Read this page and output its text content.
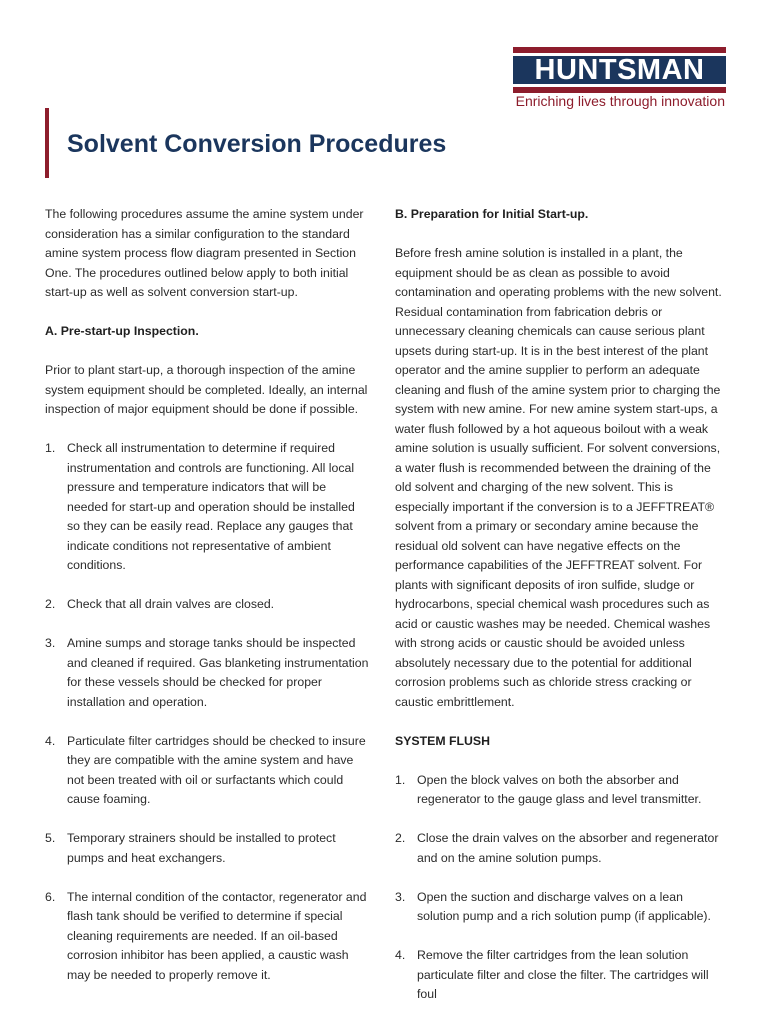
HUNTSMAN
Enriching lives through innovation
Solvent Conversion Procedures

The following procedures assume the amine system under consideration has a similar configuration to the standard amine system process flow diagram presented in Section One. The procedures outlined below apply to both initial start-up as well as solvent conversion start-up.

A. Pre-start-up Inspection.

Prior to plant start-up, a thorough inspection of the amine system equipment should be completed. Ideally, an internal inspection of major equipment should be done if possible.

1. Check all instrumentation to determine if required instrumentation and controls are functioning. All local pressure and temperature indicators that will be needed for start-up and operation should be installed so they can be easily read. Replace any gauges that indicate conditions not representative of ambient conditions.
2. Check that all drain valves are closed.
3. Amine sumps and storage tanks should be inspected and cleaned if required. Gas blanketing instrumentation for these vessels should be checked for proper installation and operation.
4. Particulate filter cartridges should be checked to insure they are compatible with the amine system and have not been treated with oil or surfactants which could cause foaming.
5. Temporary strainers should be installed to protect pumps and heat exchangers.
6. The internal condition of the contactor, regenerator and flash tank should be verified to determine if special cleaning requirements are needed. If an oil-based corrosion inhibitor has been applied, a caustic wash may be needed to properly remove it.
B. Preparation for Initial Start-up.

Before fresh amine solution is installed in a plant, the equipment should be as clean as possible to avoid contamination and operating problems with the new solvent. Residual contamination from fabrication debris or unnecessary cleaning chemicals can cause serious plant upsets during start-up. It is in the best interest of the plant operator and the amine supplier to perform an adequate cleaning and flush of the amine system prior to charging the system with new amine. For new amine system start-ups, a water flush followed by a hot aqueous boilout with a weak amine solution is usually sufficient. For solvent conversions, a water flush is recommended between the draining of the old solvent and charging of the new solvent. This is especially important if the conversion is to a JEFFTREAT® solvent from a primary or secondary amine because the residual old solvent can have negative effects on the performance capabilities of the JEFFTREAT solvent. For plants with significant deposits of iron sulfide, sludge or hydrocarbons, special chemical wash procedures such as acid or caustic washes may be needed. Chemical washes with strong acids or caustic should be avoided unless absolutely necessary due to the potential for additional corrosion problems such as chloride stress cracking or caustic embrittlement.

SYSTEM FLUSH
1. Open the block valves on both the absorber and regenerator to the gauge glass and level transmitter.
2. Close the drain valves on the absorber and regenerator and on the amine solution pumps.
3. Open the suction and discharge valves on a lean solution pump and a rich solution pump (if applicable).
4. Remove the filter cartridges from the lean solution particulate filter and close the filter. The cartridges will foul
